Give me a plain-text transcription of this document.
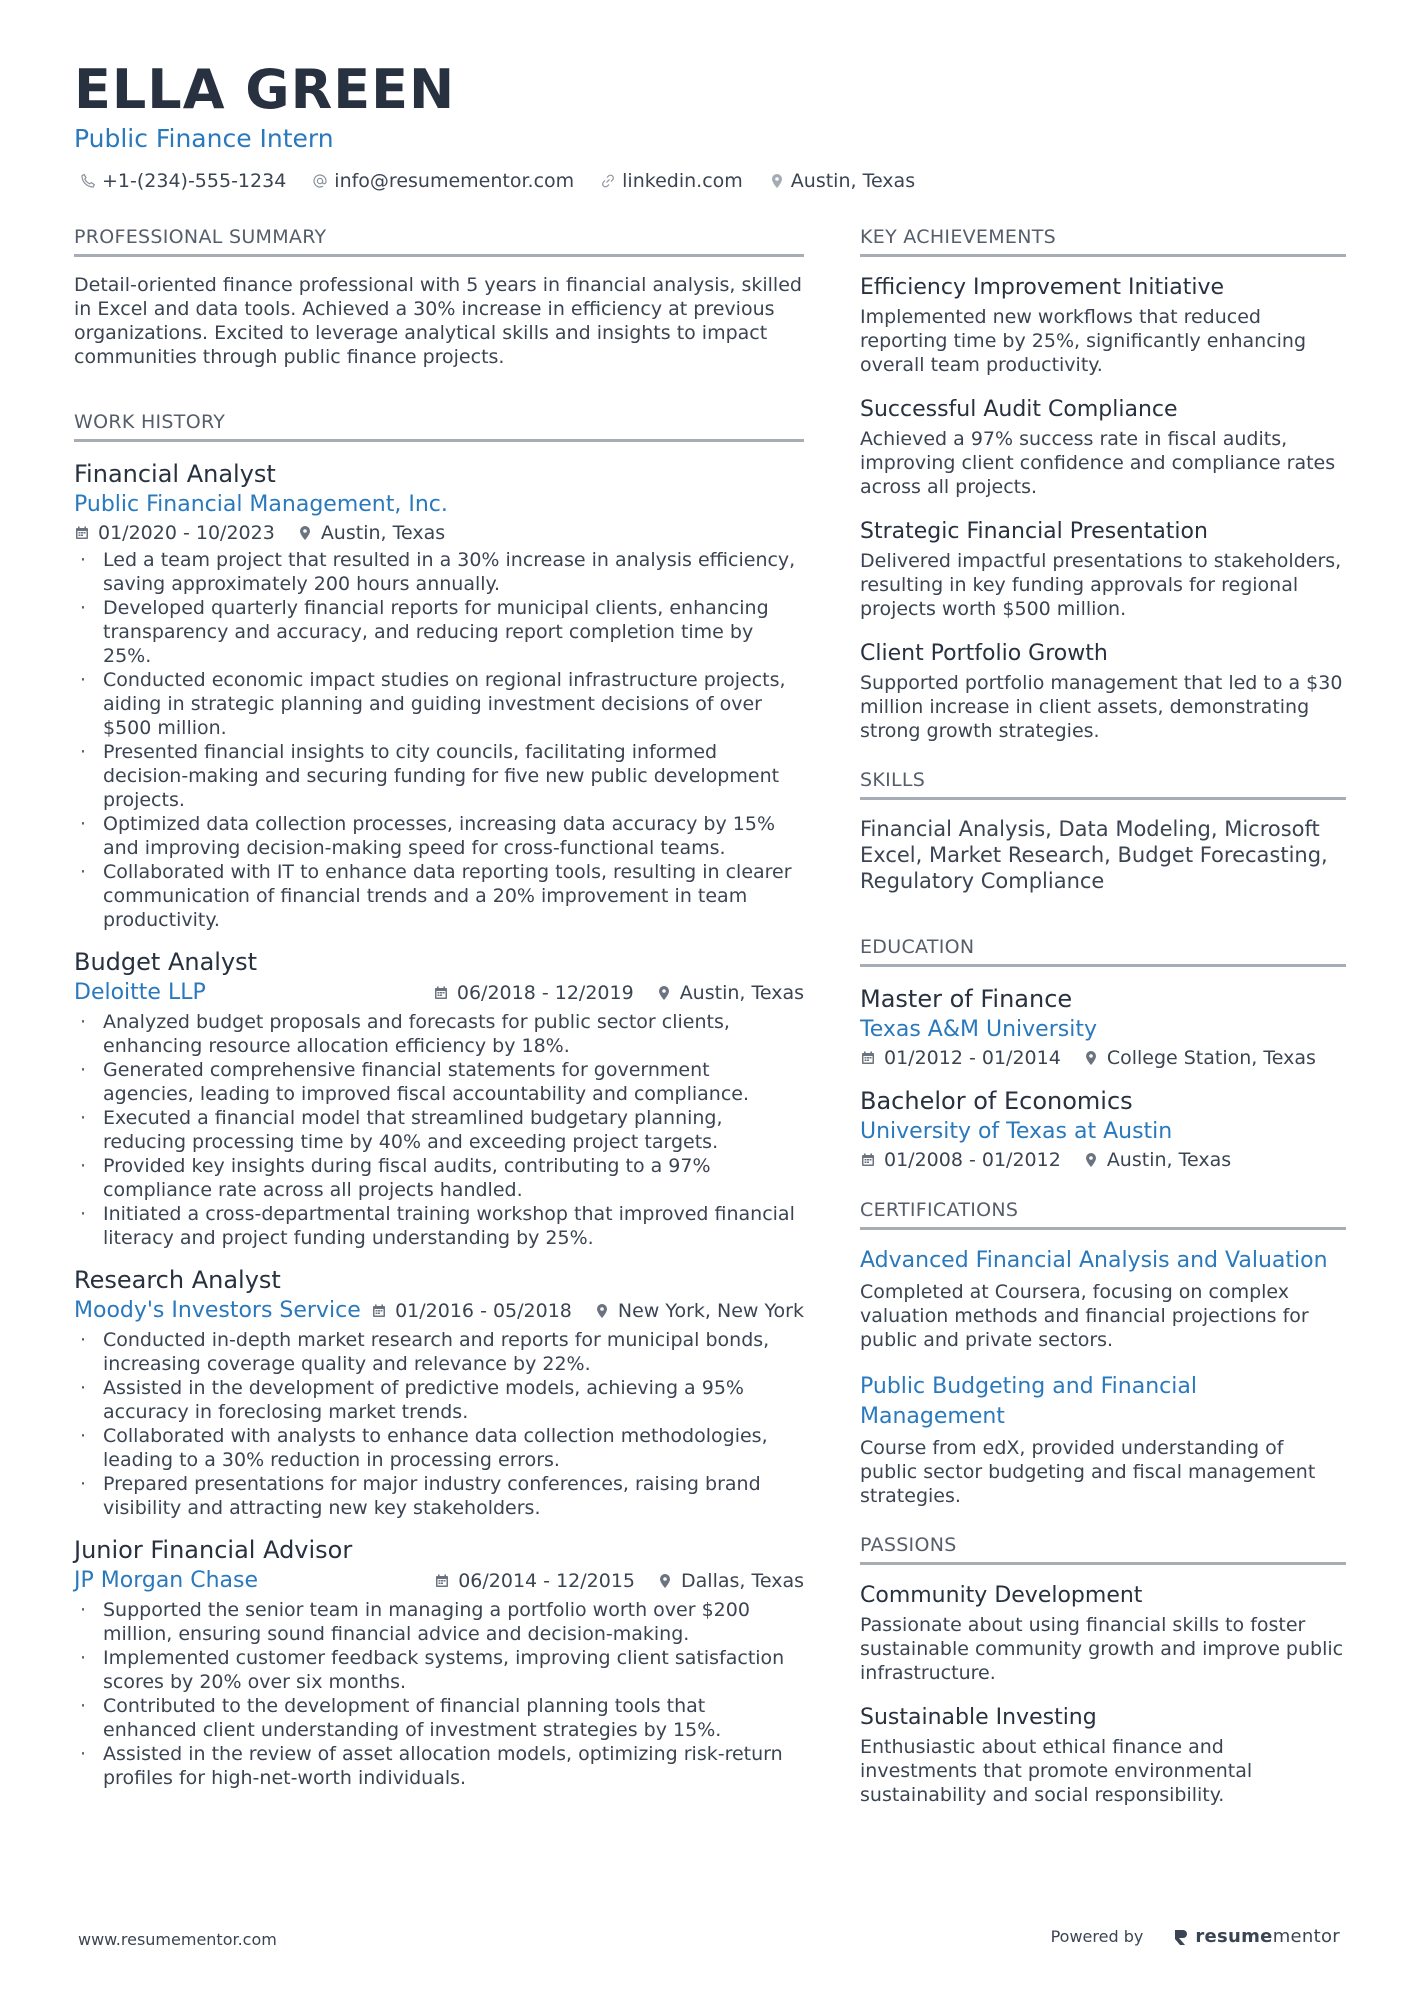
ELLA GREEN
Public Finance Intern
+1-(234)-555-1234	info@resumementor.com	linkedin.com	Austin, Texas
PROFESSIONAL SUMMARY
Detail-oriented finance professional with 5 years in financial analysis, skilled in Excel and data tools. Achieved a 30% increase in efficiency at previous organizations. Excited to leverage analytical skills and insights to impact communities through public finance projects.
WORK HISTORY
Financial Analyst
Public Financial Management, Inc.
01/2020 - 10/2023 Austin, Texas
· Led a team project that resulted in a 30% increase in analysis efficiency, saving approximately 200 hours annually.
· Developed quarterly financial reports for municipal clients, enhancing transparency and accuracy, and reducing report completion time by 25%.
· Conducted economic impact studies on regional infrastructure projects, aiding in strategic planning and guiding investment decisions of over $500 million.
· Presented financial insights to city councils, facilitating informed decision-making and securing funding for five new public development projects.
· Optimized data collection processes, increasing data accuracy by 15% and improving decision-making speed for cross-functional teams.
· Collaborated with IT to enhance data reporting tools, resulting in clearer communication of financial trends and a 20% improvement in team productivity.
Budget Analyst
Deloitte LLP	06/2018 - 12/2019 Austin, Texas
· Analyzed budget proposals and forecasts for public sector clients, enhancing resource allocation efficiency by 18%.
· Generated comprehensive financial statements for government agencies, leading to improved fiscal accountability and compliance.
· Executed a financial model that streamlined budgetary planning, reducing processing time by 40% and exceeding project targets.
· Provided key insights during fiscal audits, contributing to a 97% compliance rate across all projects handled.
· Initiated a cross-departmental training workshop that improved financial literacy and project funding understanding by 25%.
Research Analyst
Moody's Investors Service 01/2016 - 05/2018 New York, New York
· Conducted in-depth market research and reports for municipal bonds, increasing coverage quality and relevance by 22%.
· Assisted in the development of predictive models, achieving a 95% accuracy in foreclosing market trends.
· Collaborated with analysts to enhance data collection methodologies, leading to a 30% reduction in processing errors.
· Prepared presentations for major industry conferences, raising brand visibility and attracting new key stakeholders.
Junior Financial Advisor
JP Morgan Chase	06/2014 - 12/2015 Dallas, Texas
· Supported the senior team in managing a portfolio worth over $200 million, ensuring sound financial advice and decision-making.
· Implemented customer feedback systems, improving client satisfaction scores by 20% over six months.
· Contributed to the development of financial planning tools that enhanced client understanding of investment strategies by 15%.
· Assisted in the review of asset allocation models, optimizing risk-return profiles for high-net-worth individuals.
KEY ACHIEVEMENTS
Efficiency Improvement Initiative
Implemented new workflows that reduced reporting time by 25%, significantly enhancing overall team productivity.
Successful Audit Compliance
Achieved a 97% success rate in fiscal audits, improving client confidence and compliance rates across all projects.
Strategic Financial Presentation
Delivered impactful presentations to stakeholders, resulting in key funding approvals for regional projects worth $500 million.
Client Portfolio Growth
Supported portfolio management that led to a $30 million increase in client assets, demonstrating strong growth strategies.
SKILLS
Financial Analysis, Data Modeling, Microsoft Excel, Market Research, Budget Forecasting, Regulatory Compliance
EDUCATION
Master of Finance
Texas A&M University
01/2012 - 01/2014 College Station, Texas
Bachelor of Economics
University of Texas at Austin
01/2008 - 01/2012 Austin, Texas
CERTIFICATIONS
Advanced Financial Analysis and Valuation
Completed at Coursera, focusing on complex valuation methods and financial projections for public and private sectors.
Public Budgeting and Financial Management
Course from edX, provided understanding of public sector budgeting and fiscal management strategies.
PASSIONS
Community Development
Passionate about using financial skills to foster sustainable community growth and improve public infrastructure.
Sustainable Investing
Enthusiastic about ethical finance and investments that promote environmental sustainability and social responsibility.
www.resumementor.com	Powered by	resumementor
